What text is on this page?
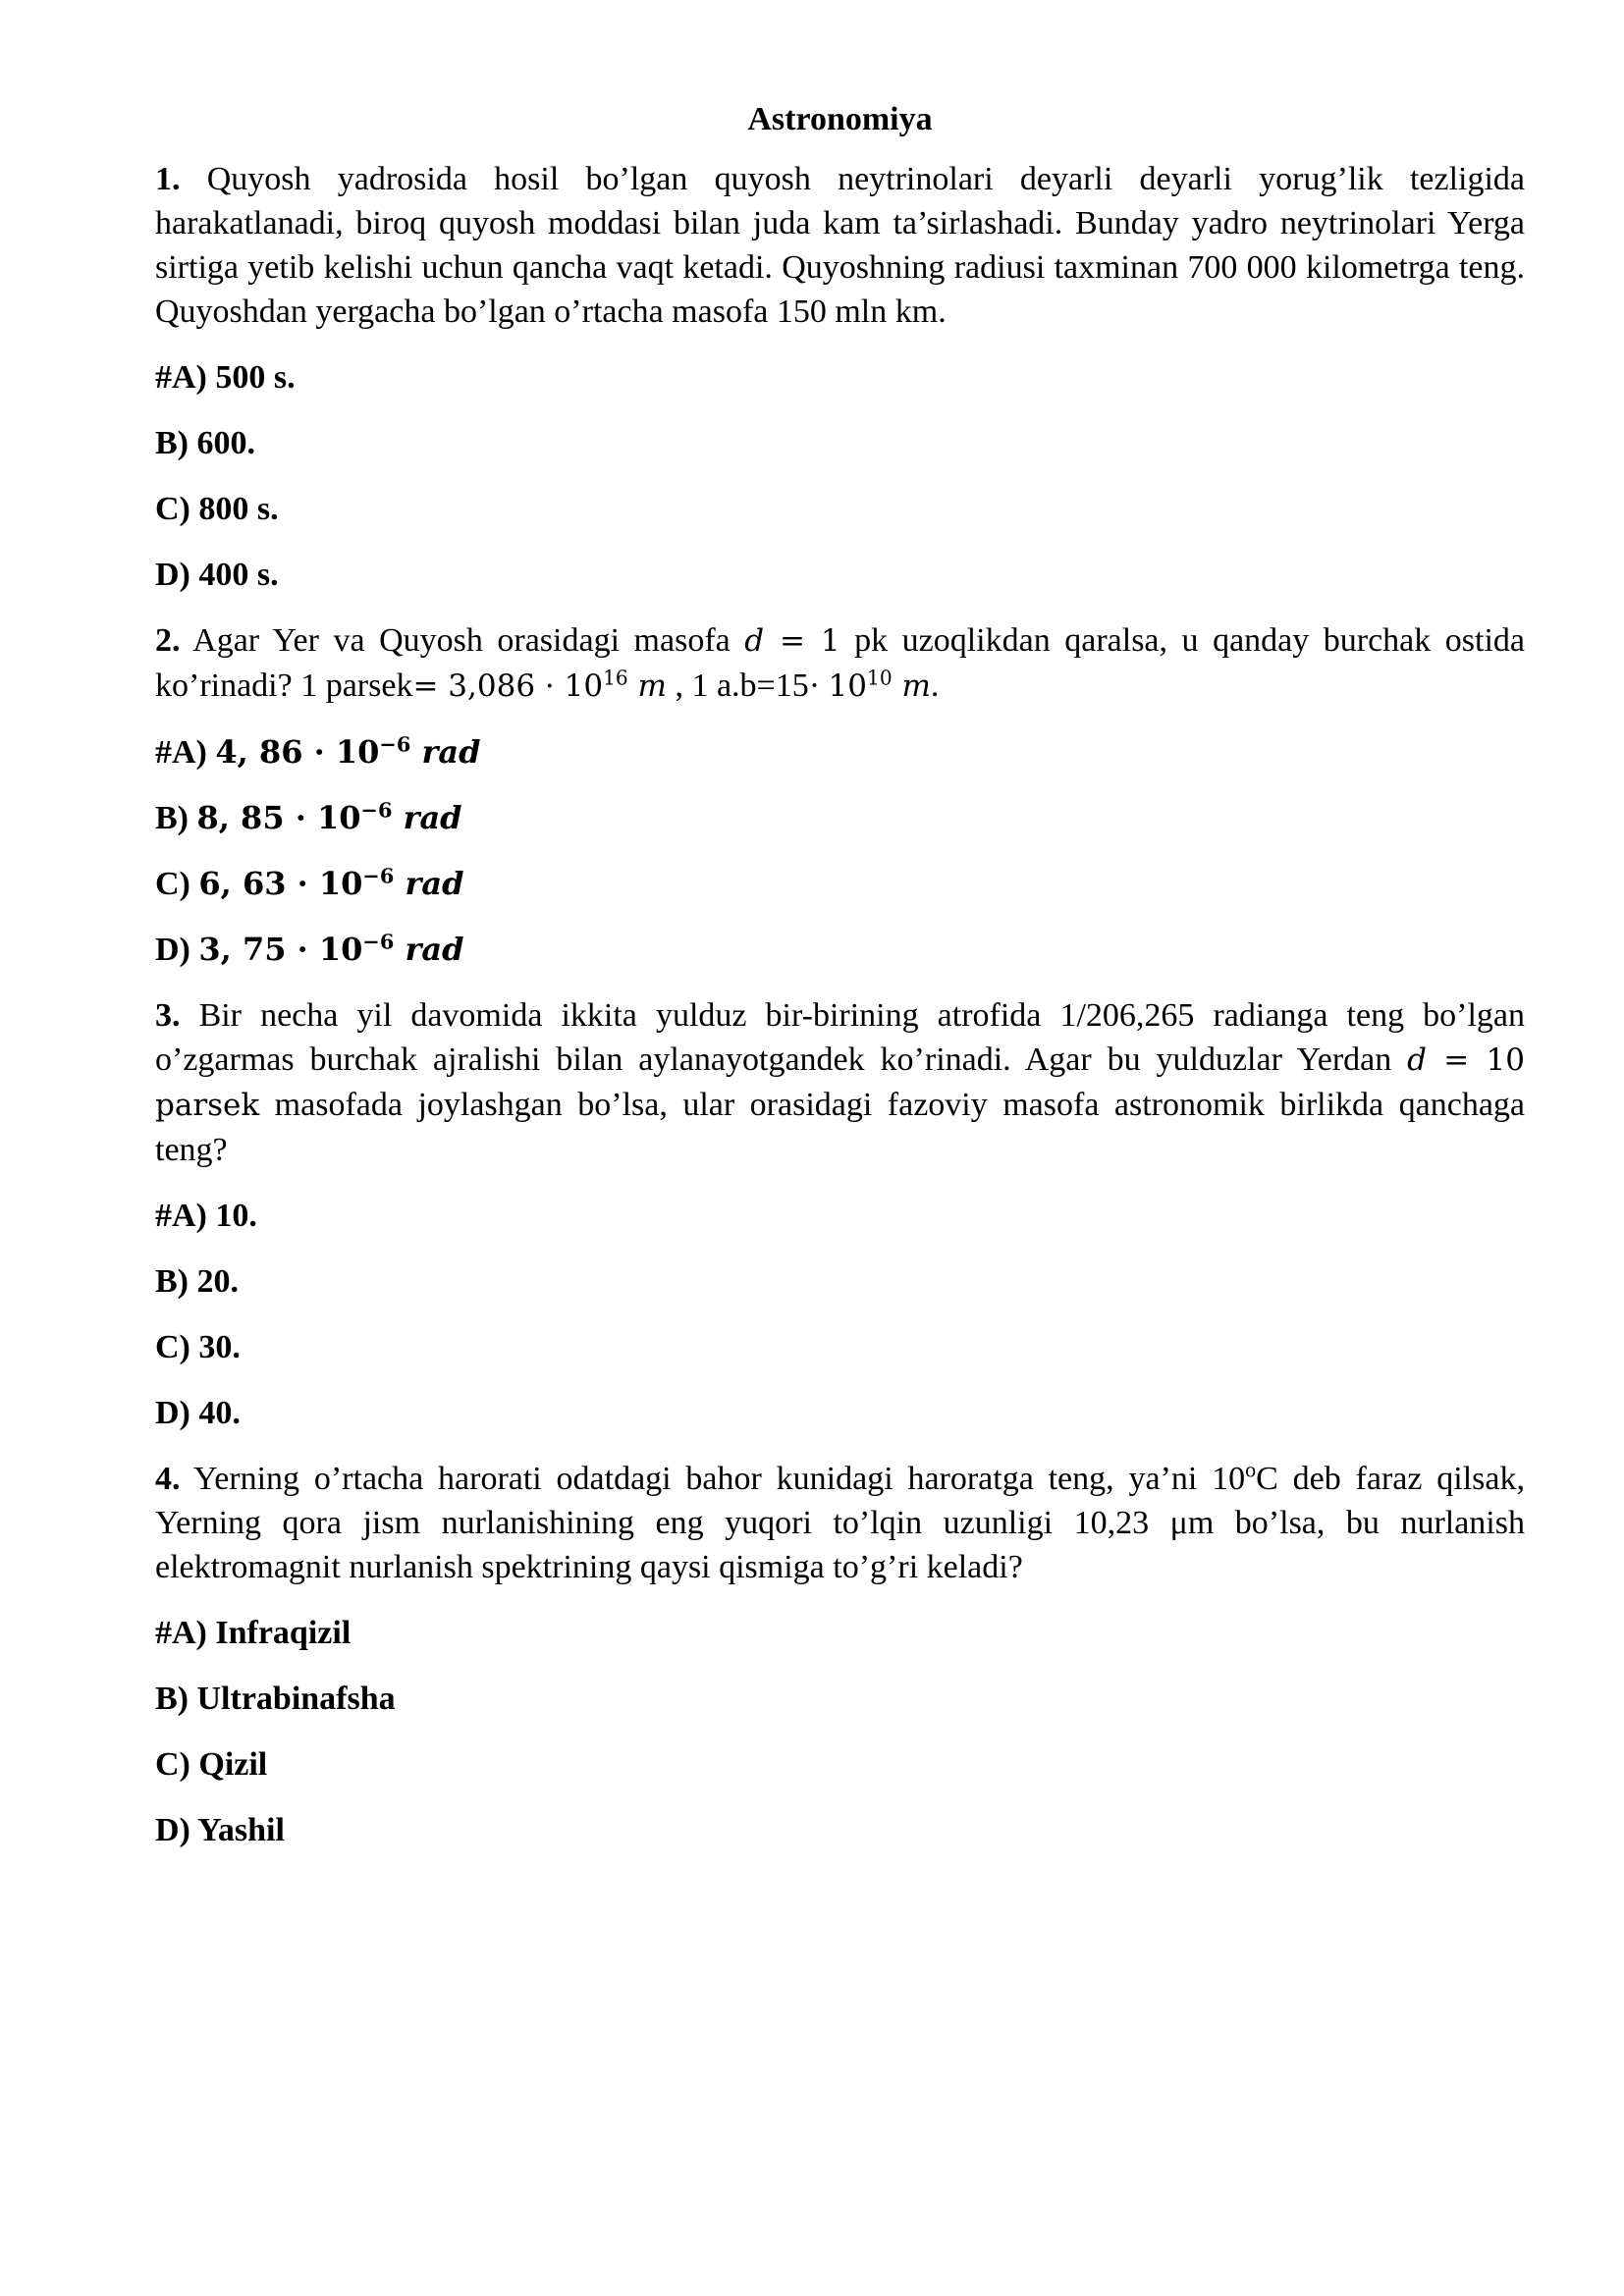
Astronomiya

1. Quyosh yadrosida hosil bo’lgan quyosh neytrinolari deyarli deyarli yorug’lik tezligida harakatlanadi, biroq quyosh moddasi bilan juda kam ta’sirlashadi. Bunday yadro neytrinolari Yerga sirtiga yetib kelishi uchun qancha vaqt ketadi. Quyoshning radiusi taxminan 700 000 kilometrga teng. Quyoshdan yergacha bo’lgan o’rtacha masofa 150 mln km.

#A) 500 s.
B) 600.
C) 800 s.
D) 400 s.

2. Agar Yer va Quyosh orasidagi masofa d = 1 pk uzoqlikdan qaralsa, u qanday burchak ostida ko’rinadi? 1 parsek= $3,086 \cdot 10^{16}$ m , 1 $a.b=15\cdot 10^{10}$ m.

#A) 4, $86 \cdot 10^{-6}$ rad
B) 8, $85 \cdot 10^{-6}$ rad
C) 6, $63 \cdot 10^{-6}$ rad
D) 3, $75 \cdot 10^{-6}$ rad

3. Bir necha yil davomida ikkita yulduz bir-birining atrofida 1/206,265 radianga teng bo’lgan o’zgarmas burchak ajralishi bilan aylanayotgandek ko’rinadi. Agar bu yulduzlar Yerdan d = 10 parsek masofada joylashgan bo’lsa, ular orasidagi fazoviy masofa astronomik birlikda qanchaga teng?

#A) 10.
B) 20.
C) 30.
D) 40.

4. Yerning o’rtacha harorati odatdagi bahor kunidagi haroratga teng, ya’ni 10$^o$C deb faraz qilsak, Yerning qora jism nurlanishining eng yuqori to’lqin uzunligi 10,23 μm bo’lsa, bu nurlanish elektromagnit nurlanish spektrining qaysi qismiga to’g’ri keladi?

#A) Infraqizil
B) Ultrabinafsha
C) Qizil
D) Yashil
